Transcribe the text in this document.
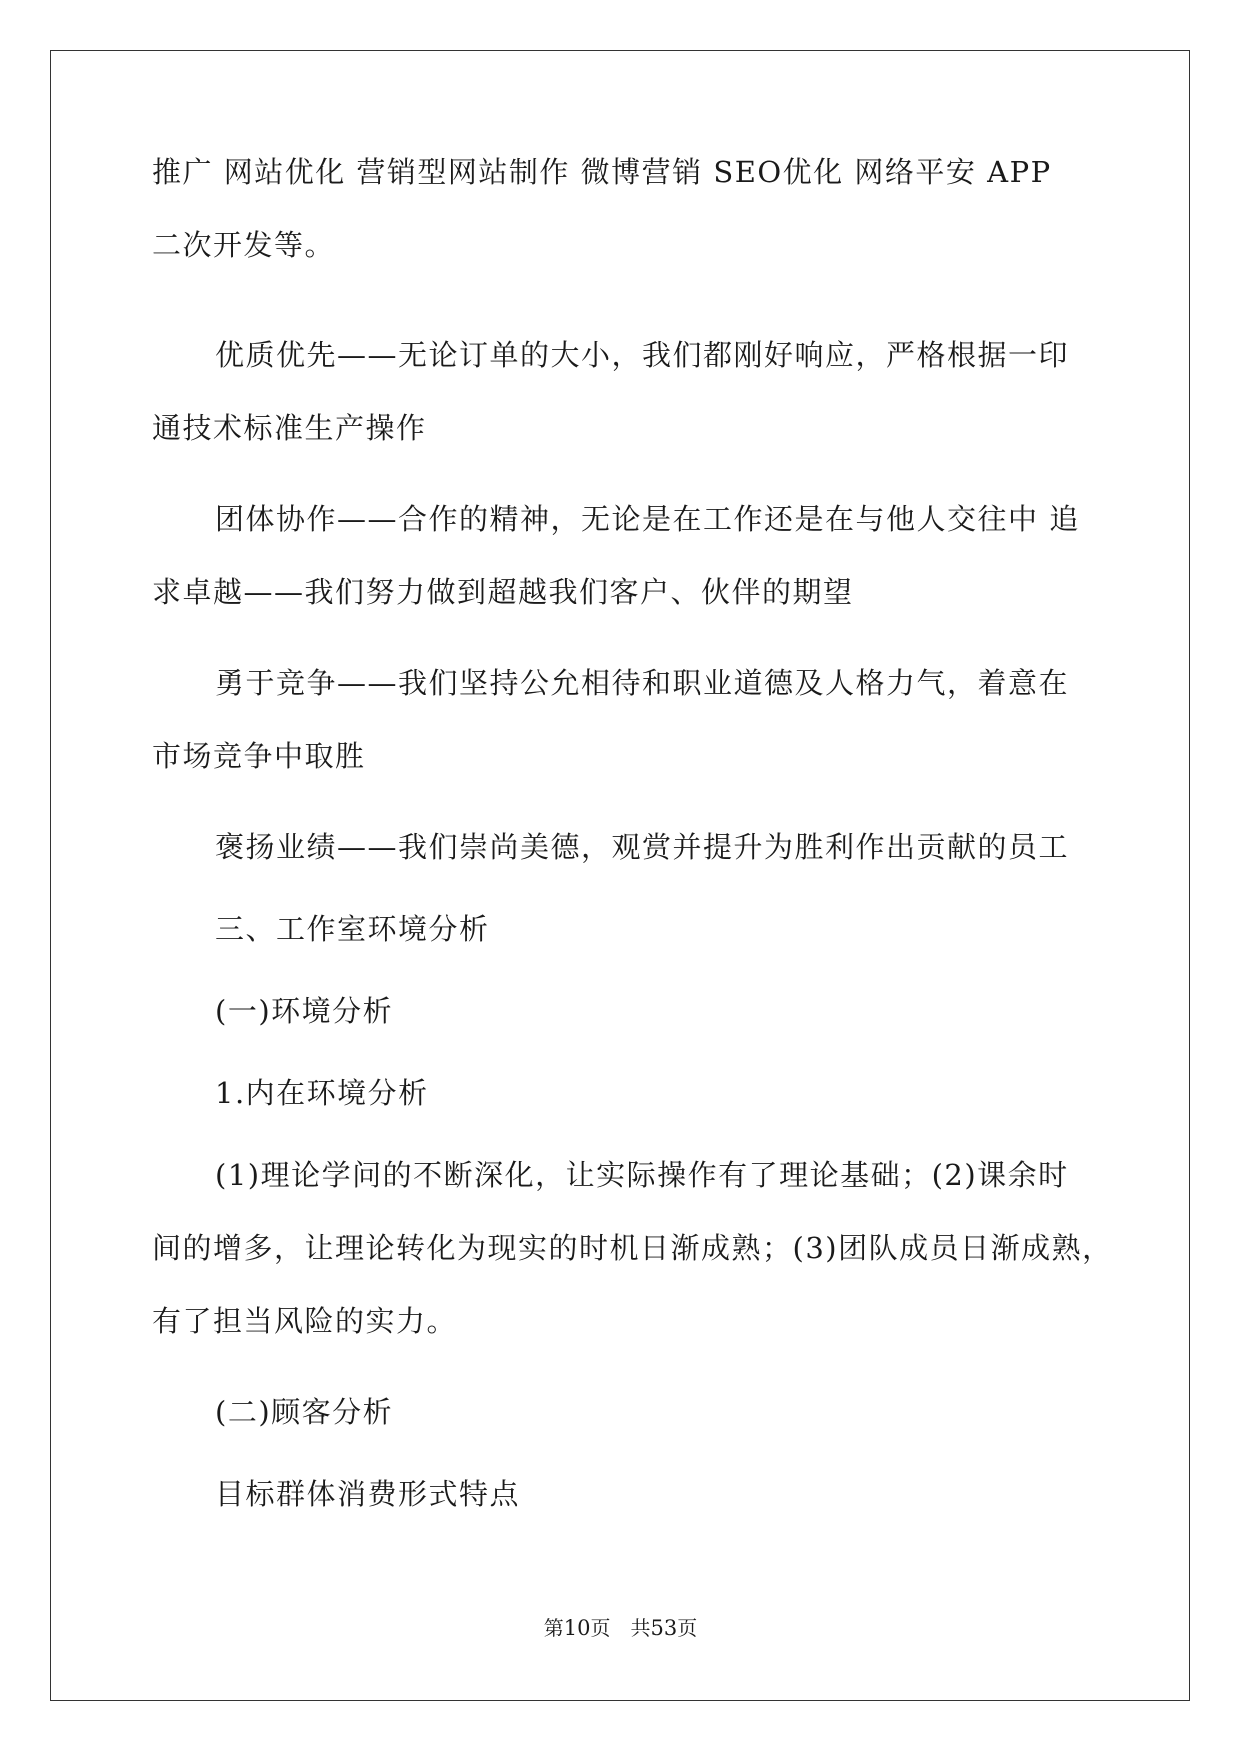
推广 网站优化 营销型网站制作 微博营销 SEO优化 网络平安 APP
二次开发等。
优质优先——无论订单的大小，我们都刚好响应，严格根据一印
通技术标准生产操作
团体协作——合作的精神，无论是在工作还是在与他人交往中 追
求卓越——我们努力做到超越我们客户、伙伴的期望
勇于竞争——我们坚持公允相待和职业道德及人格力气，着意在
市场竞争中取胜
褒扬业绩——我们崇尚美德，观赏并提升为胜利作出贡献的员工
三、工作室环境分析
(一)环境分析
1.内在环境分析
(1)理论学问的不断深化，让实际操作有了理论基础；(2)课余时
间的增多，让理论转化为现实的时机日渐成熟；(3)团队成员日渐成熟，
有了担当风险的实力。
(二)顾客分析
目标群体消费形式特点
第10页　共53页
